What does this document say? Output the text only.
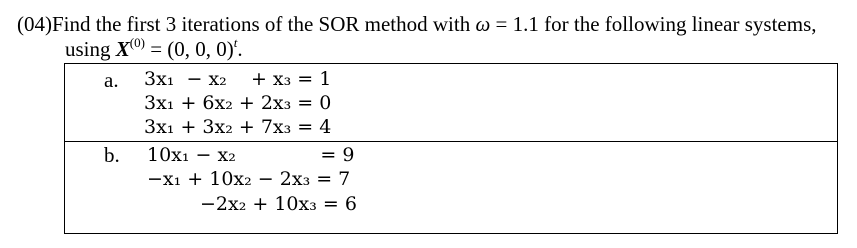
(04)Find the first 3 iterations of the SOR method with ω = 1.1 for the following linear systems,
using $X^{(0)} = (0$, 0, 0)$^t$.
a. 3x₁  − x₂    + x₃ = 1
3x₁ + 6x₂ + 2x₃ = 0
3x₁ + 3x₂ + 7x₃ = 4
b. 10x₁ − x₂              = 9
−x₁ + 10x₂ − 2x₃ = 7
−2x₂ + 10x₃ = 6
